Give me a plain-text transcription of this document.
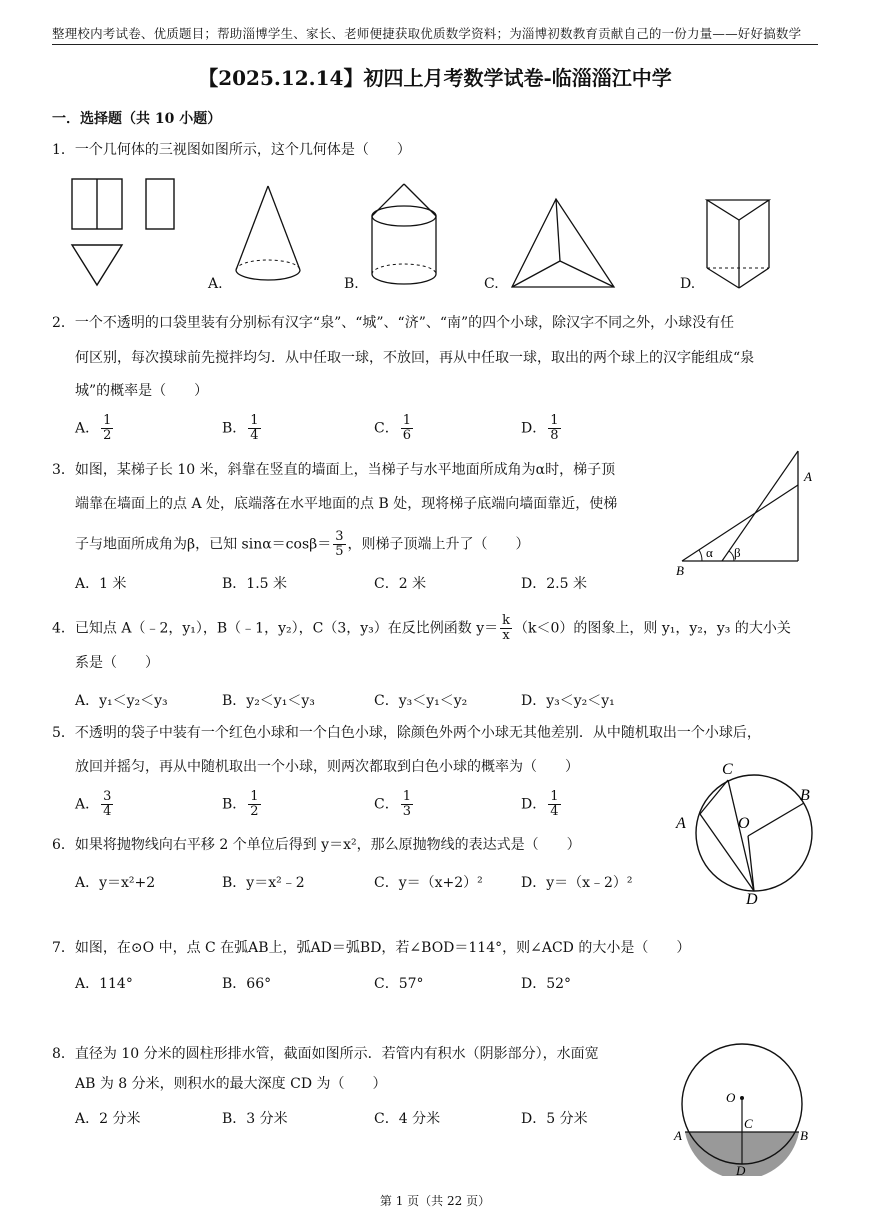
整理校内考试卷、优质题目；帮助淄博学生、家长、老师便捷获取优质数学资料；为淄博初数教育贡献自己的一份力量——好好搞数学
【2025.12.14】初四上月考数学试卷-临淄淄江中学
一．选择题（共 10 小题）
1．一个几何体的三视图如图所示，这个几何体是（　　）
A.	B.	C.	D.
2．一个不透明的口袋里装有分别标有汉字“泉”、“城”、“济”、“南”的四个小球，除汉字不同之外，小球没有任
何区别，每次摸球前先搅拌均匀．从中任取一球，不放回，再从中任取一球，取出的两个球上的汉字能组成“泉
城”的概率是（　　）
A． $\frac{1}{2}$	B． $\frac{1}{4}$	C． $\frac{1}{6}$	D． $\frac{1}{8}$
3．如图，某梯子长 10 米，斜靠在竖直的墙面上，当梯子与水平地面所成角为α时，梯子顶
端靠在墙面上的点 A 处，底端落在水平地面的点 B 处，现将梯子底端向墙面靠近，使梯
子与地面所成角为β，已知 $\sin\alpha=\cos\beta= \frac{3}{5}$ ，则梯子顶端上升了（　　）
A．1 米	B．1.5 米	C．2 米	D．2.5 米
A
B
α β
4．已知点 A（﹣2，y₁），B（﹣1，y₂），C（3，y₃）在反比例函数 $y= \frac{k}{x} (k<0)$的图象上，则 y₁，y₂，y₃ 的大小关
系是（　　）
A．y₁＜y₂＜y₃	B．y₂＜y₁＜y₃	C．y₃＜y₁＜y₂	D．y₃＜y₂＜y₁
5．不透明的袋子中装有一个红色小球和一个白色小球，除颜色外两个小球无其他差别．从中随机取出一个小球后，
放回并摇匀，再从中随机取出一个小球，则两次都取到白色小球的概率为（　　）
A． $\frac{3}{4}$	B． $\frac{1}{2}$	C． $\frac{1}{3}$	D． $\frac{1}{4}$
C
B
A	O
D
6．如果将抛物线向右平移 2 个单位后得到 y＝x²，那么原抛物线的表达式是（　　）
A．y＝x²+2	B．y＝x²﹣2	C．y＝（x+2）²	D．y＝（x﹣2）²
7．如图，在⊙O 中，点 C 在弧AB上，弧AD＝弧BD，若∠BOD＝114°，则∠ACD 的大小是（　　）
A．114°	B．66°	C．57°	D．52°
8．直径为 10 分米的圆柱形排水管，截面如图所示．若管内有积水（阴影部分），水面宽
AB 为 8 分米，则积水的最大深度 CD 为（　　）
A．2 分米	B．3 分米	C．4 分米	D．5 分米
O
C
A	B
D
第 1 页（共 22 页）
